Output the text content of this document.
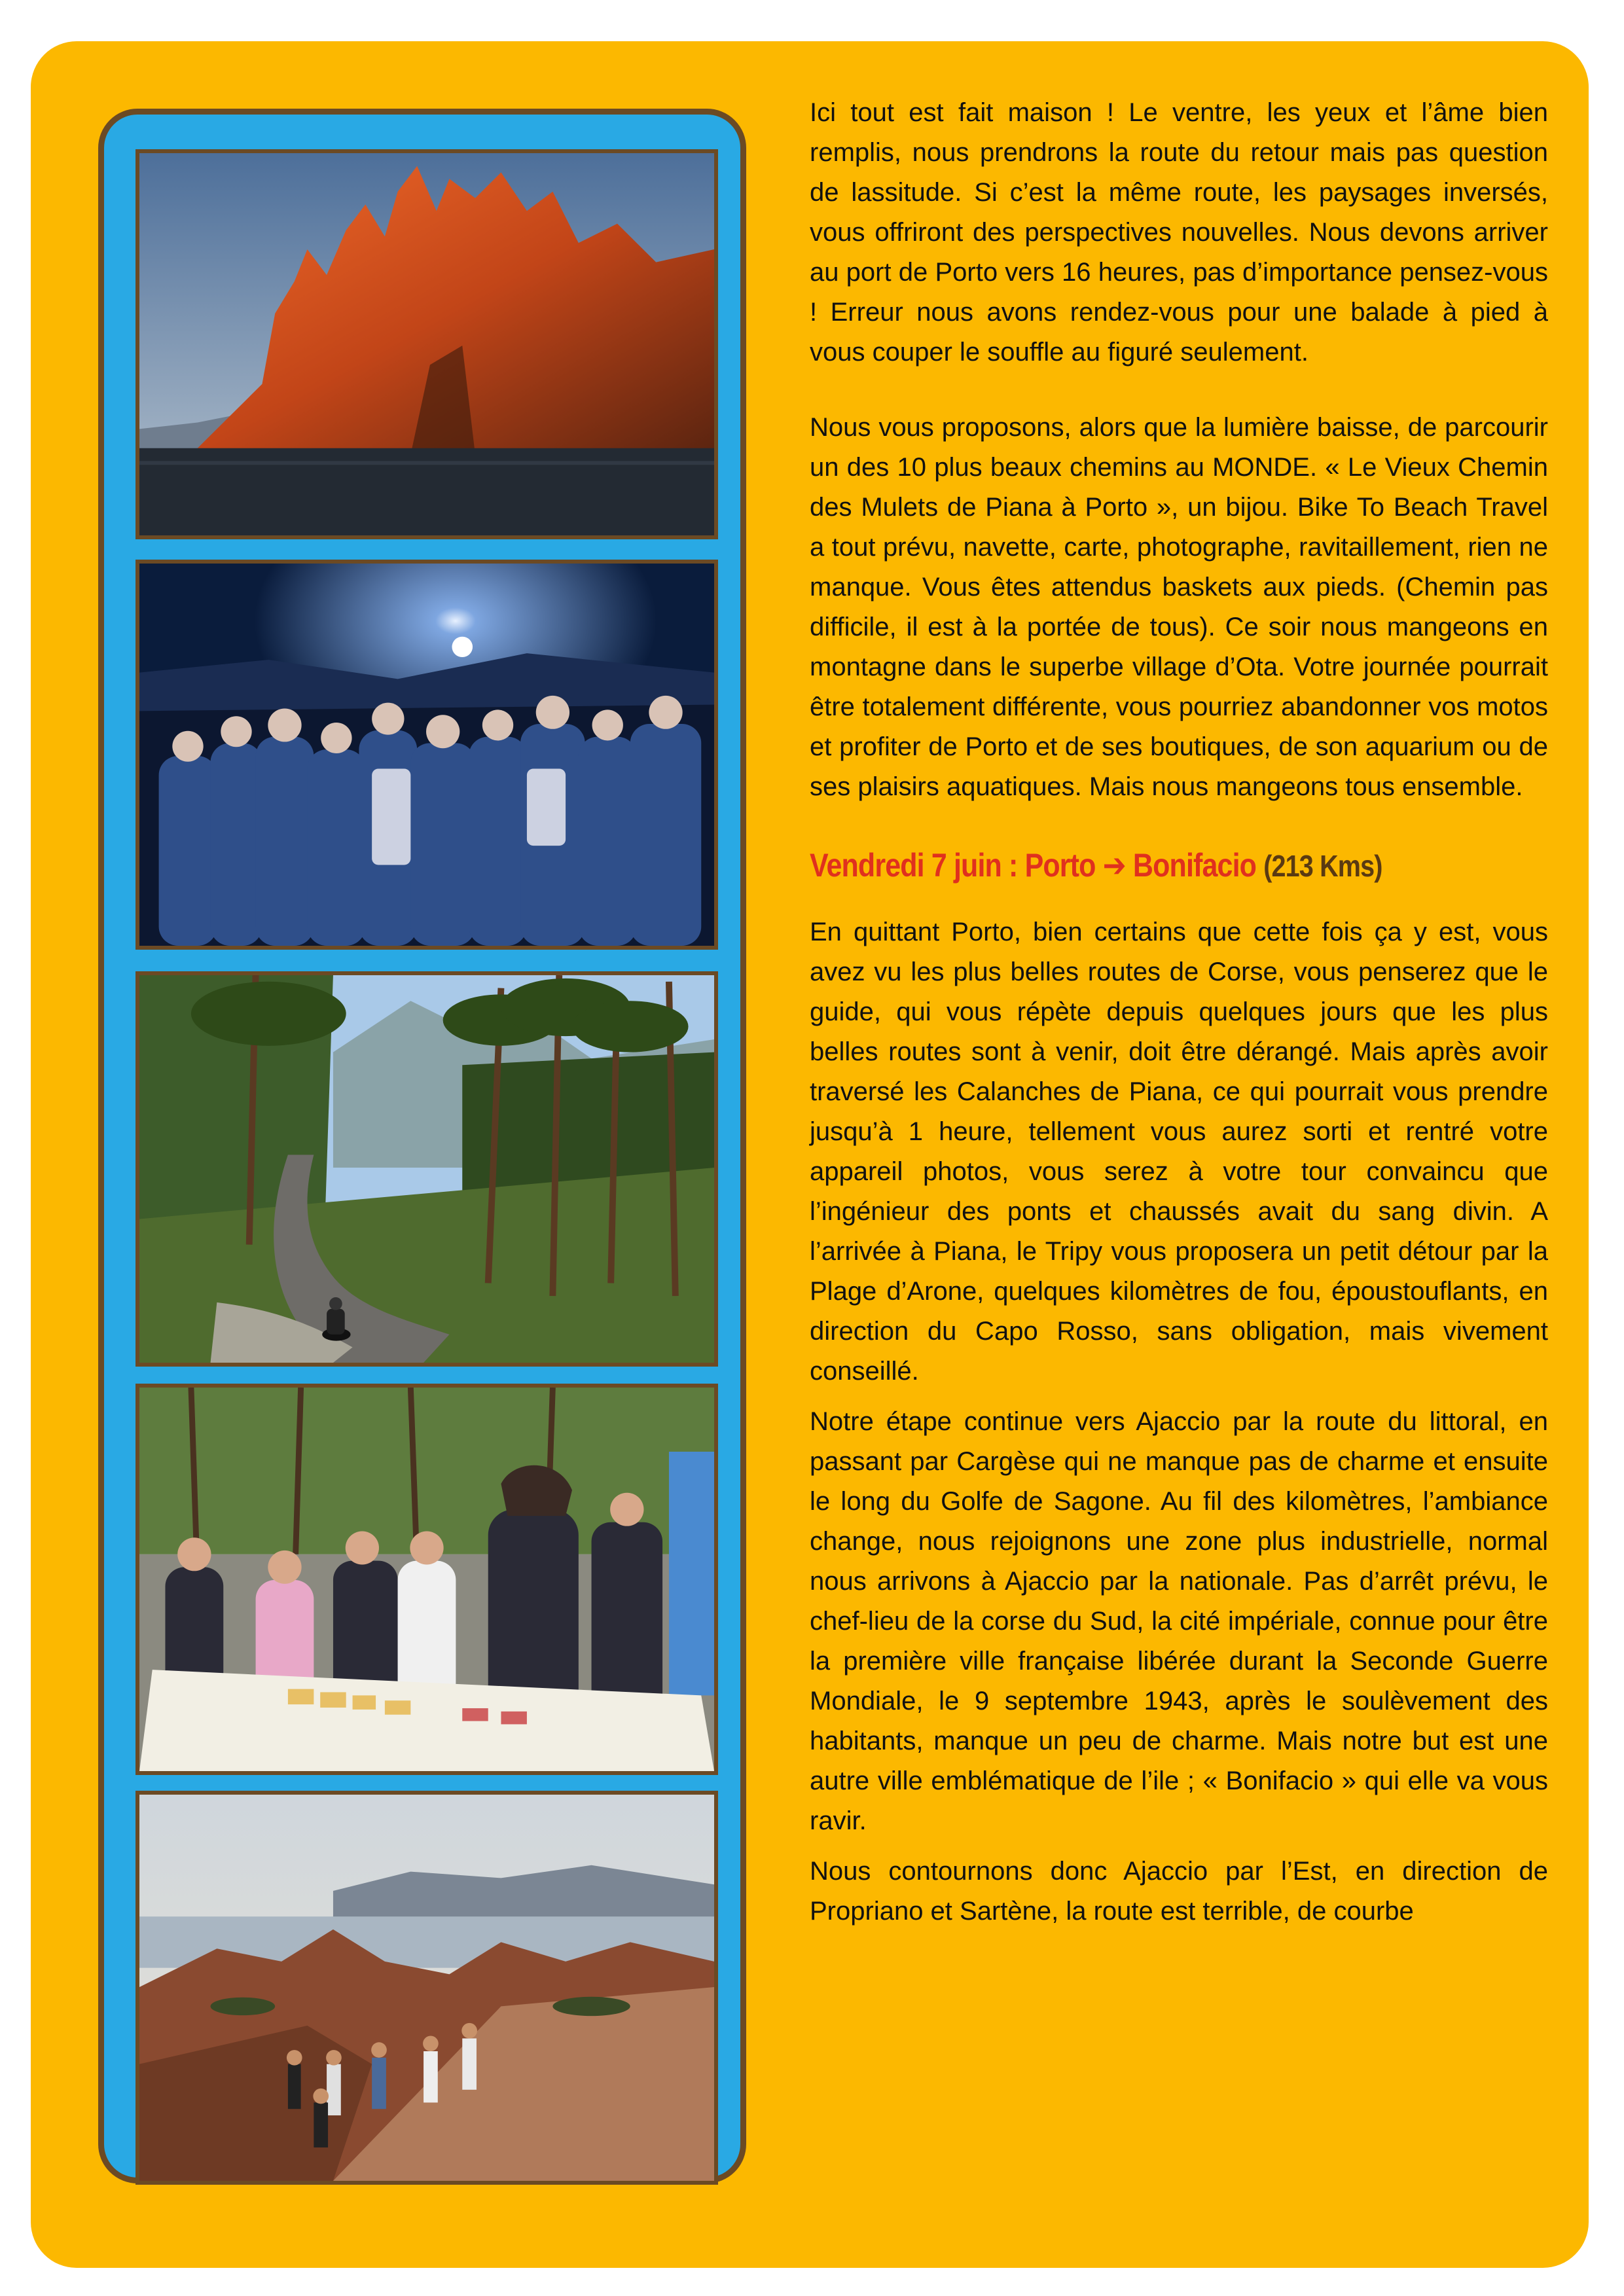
Ici tout est fait maison ! Le ventre, les yeux et l’âme bien remplis, nous prendrons la route du retour mais pas question de lassitude. Si c’est la même route, les paysages inversés, vous offriront des perspectives nouvelles. Nous devons arriver au port de Porto vers 16 heures, pas d’importance pensez-vous ! Erreur nous avons rendez-vous pour une balade à pied à vous couper le souffle au figuré seulement.

Nous vous proposons, alors que la lumière baisse, de parcourir un des 10 plus beaux chemins au MONDE. « Le Vieux Chemin des Mulets de Piana à Porto », un bijou. Bike To Beach Travel a tout prévu, navette, carte, photographe, ravitaillement, rien ne manque. Vous êtes attendus baskets aux pieds. (Chemin pas difficile, il est à la portée de tous). Ce soir nous mangeons en montagne dans le superbe village d’Ota. Votre journée pourrait être totalement différente, vous pourriez abandonner vos motos et profiter de Porto et de ses boutiques, de son aquarium ou de ses plaisirs aquatiques. Mais nous mangeons tous ensemble.

Vendredi 7 juin : Porto ➔ Bonifacio (213 Kms)

En quittant Porto, bien certains que cette fois ça y est, vous avez vu les plus belles routes de Corse, vous penserez que le guide, qui vous répète depuis quelques jours que les plus belles routes sont à venir, doit être dérangé. Mais après avoir traversé les Calanches de Piana, ce qui pourrait vous prendre jusqu’à 1 heure, tellement vous aurez sorti et rentré votre appareil photos, vous serez à votre tour convaincu que l’ingénieur des ponts et chaussés avait du sang divin. A l’arrivée à Piana, le Tripy vous proposera un petit détour par la Plage d’Arone, quelques kilomètres de fou, époustouflants, en direction du Capo Rosso, sans obligation, mais vivement conseillé.

Notre étape continue vers Ajaccio par la route du littoral, en passant par Cargèse qui ne manque pas de charme et ensuite le long du Golfe de Sagone. Au fil des kilomètres, l’ambiance change, nous rejoignons une zone plus industrielle, normal nous arrivons à Ajaccio par la nationale. Pas d’arrêt prévu, le chef-lieu de la corse du Sud, la cité impériale, connue pour être la première ville française libérée durant la Seconde Guerre Mondiale, le 9 septembre 1943, après le soulèvement des habitants, manque un peu de charme. Mais notre but est une autre ville emblématique de l’ile ; « Bonifacio » qui elle va vous ravir.

Nous contournons donc Ajaccio par l’Est, en direction de Propriano et Sartène, la route est terrible, de courbe
